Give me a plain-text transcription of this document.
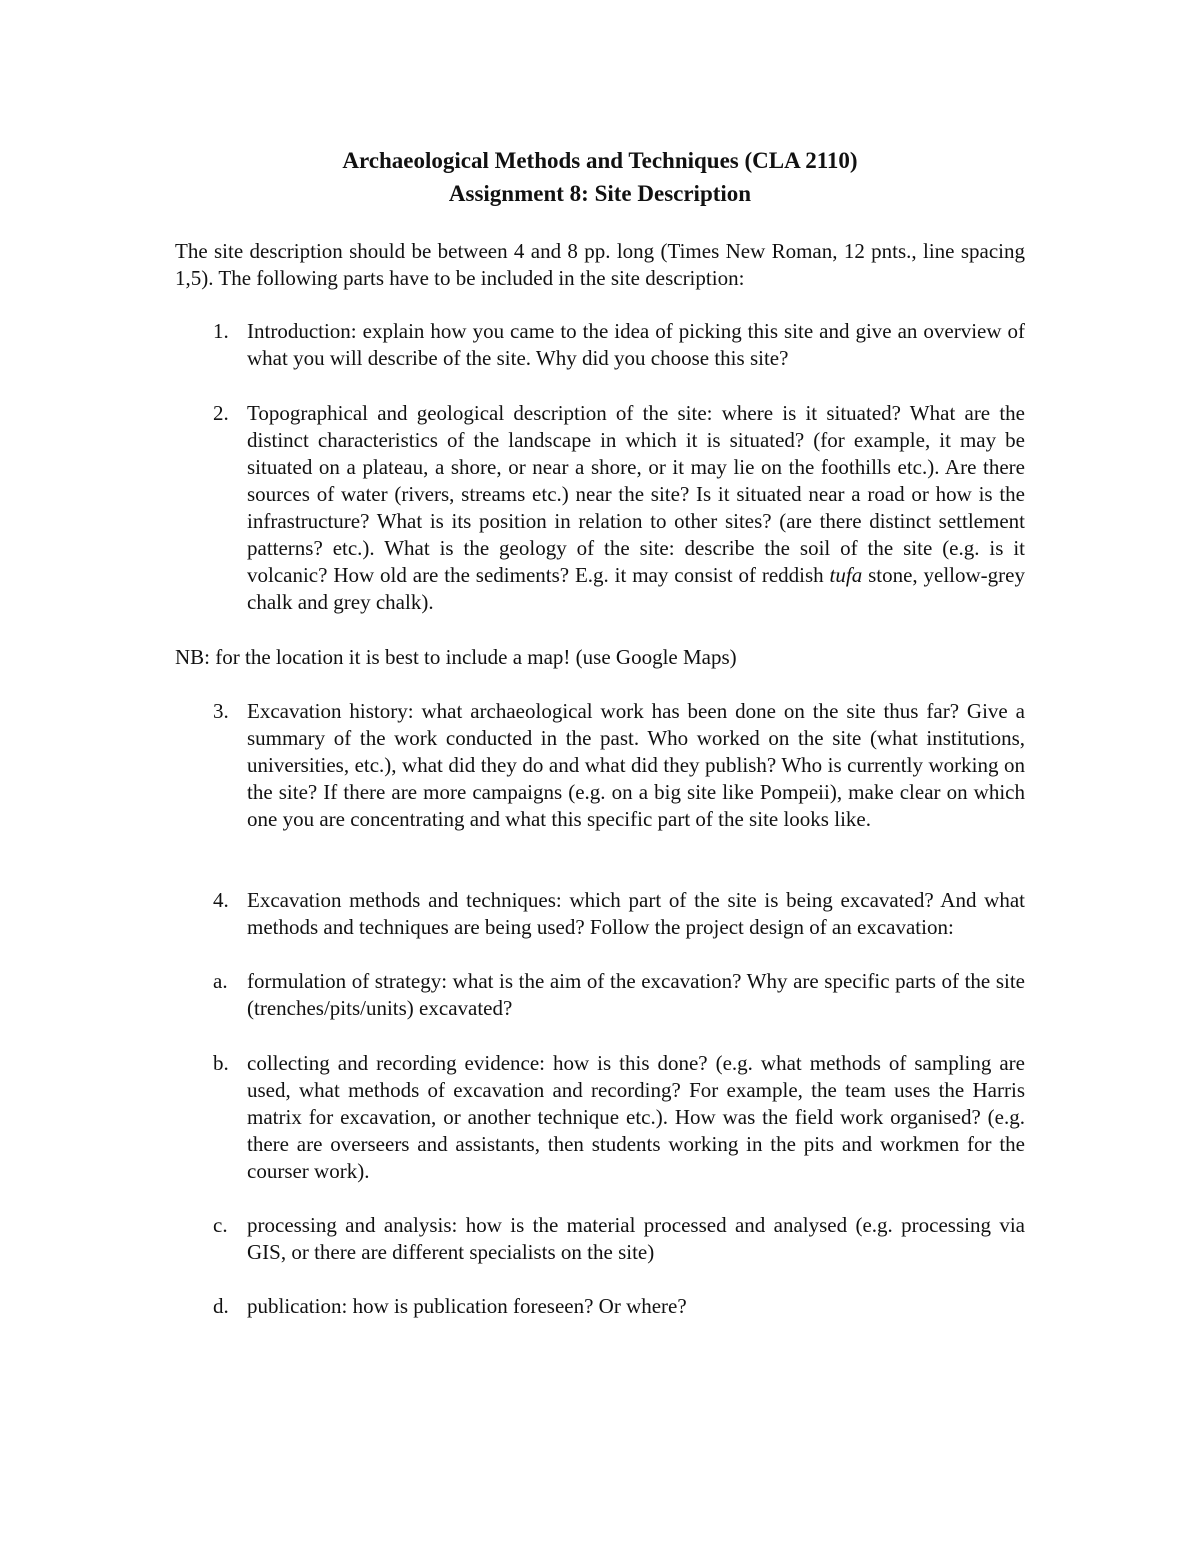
Archaeological Methods and Techniques (CLA 2110)
Assignment 8: Site Description
The site description should be between 4 and 8 pp. long (Times New Roman, 12 pnts., line spacing 1,5). The following parts have to be included in the site description:
1. Introduction: explain how you came to the idea of picking this site and give an overview of what you will describe of the site. Why did you choose this site?
2. Topographical and geological description of the site: where is it situated? What are the distinct characteristics of the landscape in which it is situated? (for example, it may be situated on a plateau, a shore, or near a shore, or it may lie on the foothills etc.). Are there sources of water (rivers, streams etc.) near the site? Is it situated near a road or how is the infrastructure? What is its position in relation to other sites? (are there distinct settlement patterns? etc.). What is the geology of the site: describe the soil of the site (e.g. is it volcanic? How old are the sediments? E.g. it may consist of reddish tufa stone, yellow-grey chalk and grey chalk).
NB: for the location it is best to include a map! (use Google Maps)
3. Excavation history: what archaeological work has been done on the site thus far? Give a summary of the work conducted in the past. Who worked on the site (what institutions, universities, etc.), what did they do and what did they publish? Who is currently working on the site? If there are more campaigns (e.g. on a big site like Pompeii), make clear on which one you are concentrating and what this specific part of the site looks like.
4. Excavation methods and techniques: which part of the site is being excavated? And what methods and techniques are being used? Follow the project design of an excavation:
a. formulation of strategy: what is the aim of the excavation? Why are specific parts of the site (trenches/pits/units) excavated?
b. collecting and recording evidence: how is this done? (e.g. what methods of sampling are used, what methods of excavation and recording? For example, the team uses the Harris matrix for excavation, or another technique etc.). How was the field work organised? (e.g. there are overseers and assistants, then students working in the pits and workmen for the courser work).
c. processing and analysis: how is the material processed and analysed (e.g. processing via GIS, or there are different specialists on the site)
d. publication: how is publication foreseen? Or where?
